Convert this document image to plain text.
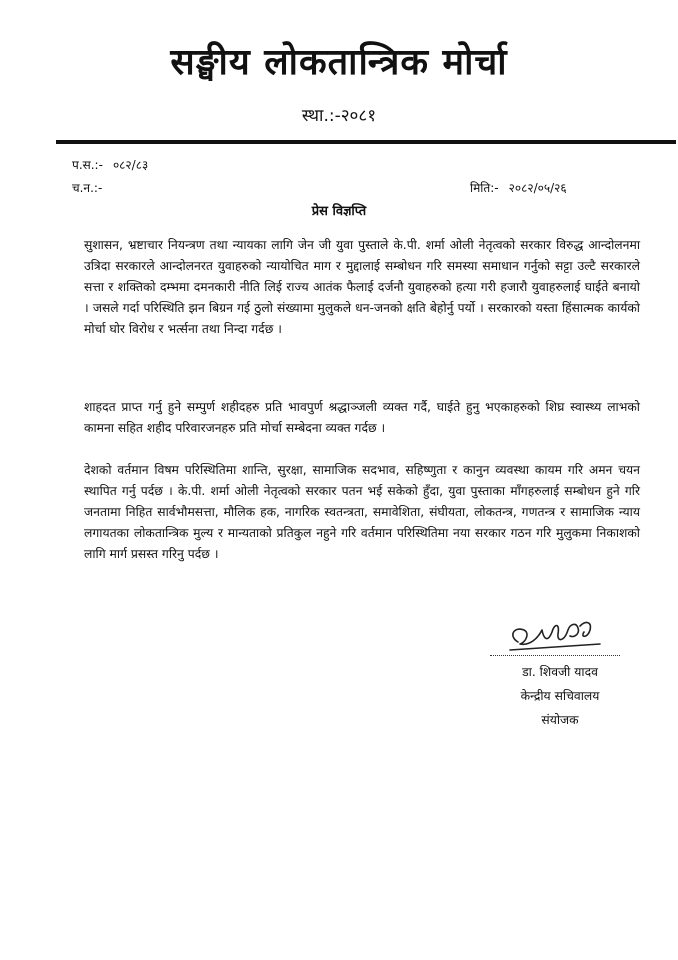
सङ्घीय लोकतान्त्रिक मोर्चा
स्था.:-२०८१
प.स.:- ०८२/८३
च.न.:-	मिति:- २०८२/०५/२६
प्रेस विज्ञप्ति
सुशासन, भ्रष्टाचार नियन्त्रण तथा न्यायका लागि जेन जी युवा पुस्ताले के.पी. शर्मा ओली नेतृत्वको सरकार विरुद्ध आन्दोलनमा उत्रिदा सरकारले आन्दोलनरत युवाहरुको न्यायोचित माग र मुद्दालाई सम्बोधन गरि समस्या समाधान गर्नुको सट्टा उल्टै सरकारले सत्ता र शक्तिको दम्भमा दमनकारी नीति लिई राज्य आतंक फैलाई दर्जनौ युवाहरुको हत्या गरी हजारौ युवाहरुलाई घाईते बनायो । जसले गर्दा परिस्थिति झन बिग्रन गई ठुलो संख्यामा मुलुकले धन-जनको क्षति बेहोर्नु पर्यो । सरकारको यस्ता हिंसात्मक कार्यको मोर्चा घोर विरोध र भर्त्सना तथा निन्दा गर्दछ ।
शाहदत प्राप्त गर्नु हुने सम्पुर्ण शहीदहरु प्रति भावपुर्ण श्रद्धाञ्जली व्यक्त गर्दै, घाईते हुनु भएकाहरुको शिघ्र स्वास्थ्य लाभको कामना सहित शहीद परिवारजनहरु प्रति मोर्चा सम्बेदना व्यक्त गर्दछ ।
देशको वर्तमान विषम परिस्थितिमा शान्ति, सुरक्षा, सामाजिक सदभाव, सहिष्णुता र कानुन व्यवस्था कायम गरि अमन चयन स्थापित गर्नु पर्दछ । के.पी. शर्मा ओली नेतृत्वको सरकार पतन भई सकेको हुँदा, युवा पुस्ताका माँगहरुलाई सम्बोधन हुने गरि जनतामा निहित सार्वभौमसत्ता, मौलिक हक, नागरिक स्वतन्त्रता, समावेशिता, संघीयता, लोकतन्त्र, गणतन्त्र र सामाजिक न्याय लगायतका लोकतान्त्रिक मुल्य र मान्यताको प्रतिकुल नहुने गरि वर्तमान परिस्थितिमा नया सरकार गठन गरि मुलुकमा निकाशको लागि मार्ग प्रसस्त गरिनु पर्दछ ।
डा. शिवजी यादव
केन्द्रीय सचिवालय
संयोजक
